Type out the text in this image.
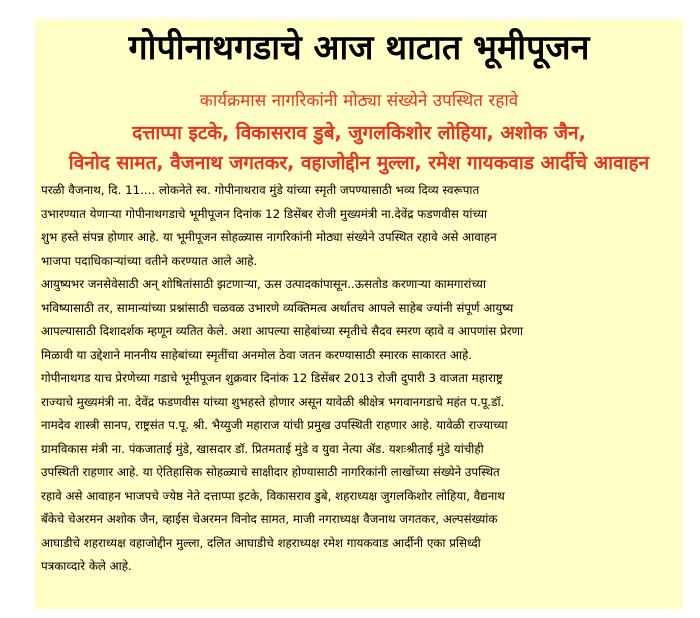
गोपीनाथगडाचे आज थाटात भूमीपूजन
कार्यक्रमास नागरिकांनी मोठ्या संख्येने उपस्थित रहावे
दत्ताप्पा इटके, विकासराव डुबे, जुगलकिशोर लोहिया, अशोक जैन,
विनोद सामत, वैजनाथ जगतकर, वहाजोद्दीन मुल्ला, रमेश गायकवाड आर्दीचे आवाहन
परळी वैजनाथ, दि. 11.... लोकनेते स्व. गोपीनाथराव मुंडे यांच्या स्मृती जपण्यासाठी भव्य दिव्य स्वरूपात
उभारण्यात येणाऱ्या गोपीनाथगडाचे भूमीपूजन दिनांक 12 डिसेंबर रोजी मुख्यमंत्री ना.देवेंद्र फडणवीस यांच्या
शुभ हस्ते संपन्न होणार आहे. या भूमीपूजन सोहळ्यास नागरिकांनी मोठ्या संख्येने उपस्थित रहावे असे आवाहन
भाजपा पदाधिकाऱ्यांच्या वतीने करण्यात आले आहे.
आयुष्यभर जनसेवेसाठी अन् शोषितांसाठी झटणाऱ्या, ऊस उत्पादकांपासून..ऊसतोड करणाऱ्या कामगारांच्या
भविष्यासाठी तर, सामान्यांच्या प्रश्नांसाठी चळवळ उभारणे व्यक्तिमत्व अर्थातच आपले साहेब ज्यांनी संपूर्ण आयुष्य
आपल्यासाठी दिशादर्शक म्हणून व्यतित केले. अशा आपल्या साहेबांच्या स्मृतीचे सैदव स्मरण व्हावे व आपणांस प्रेरणा
मिळावी या उद्देशाने माननीय साहेबांच्या स्मृतींचा अनमोल ठेवा जतन करण्यासाठी स्मारक साकारत आहे.
गोपीनाथगड याच प्रेरणेच्या गडाचे भूमीपूजन शुक्रवार दिनांक 12 डिसेंबर 2013 रोजी दुपारी 3 वाजता महाराष्ट्र
राज्याचे मुख्यमंत्री ना. देवेंद्र फडणवीस यांच्या शुभहस्ते होणार असून यावेळी श्रीक्षेत्र भगवानगडाचे महंत प.पू.डॉ.
नामदेव शास्त्री सानप, राष्ट्रसंत प.पू. श्री. भैय्युजी महाराज यांची प्रमुख उपस्थिती राहणार आहे. यावेळी राज्याच्या
ग्रामविकास मंत्री ना. पंकजाताई मुंडे, खासदार डॉ. प्रितमताई मुंडे व युवा नेत्या ॲड. यशःश्रीताई मुंडे यांचीही
उपस्थिती राहणार आहे. या ऐतिहासिक सोहळ्याचे साक्षीदार होण्यासाठी नागरिकांनी लाखोंच्या संख्येने उपस्थित
रहावे असे आवाहन भाजपचे ज्येष्ठ नेते दत्ताप्पा इटके, विकासराव डुबे, शहराध्यक्ष जुगलकिशोर लोहिया, वैद्यनाथ
बँकेचे चेअरमन अशोक जैन, व्हाईस चेअरमन विनोद सामत, माजी नगराध्यक्ष वैजनाथ जगतकर, अल्पसंख्यांक
आघाडीचे शहराध्यक्ष वहाजोद्दीन मुल्ला, दलित आघाडीचे शहराध्यक्ष रमेश गायकवाड आर्दीनी एका प्रसिध्दी
पत्रकाव्दारे केले आहे.
